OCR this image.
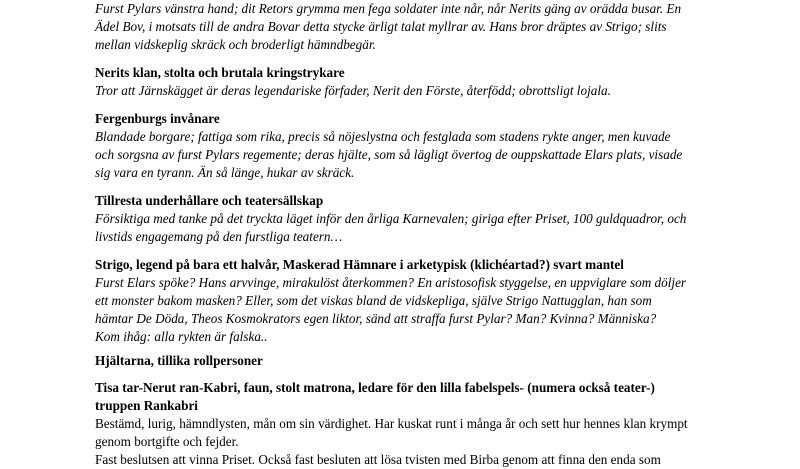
Furst Pylars vänstra hand; dit Retors grymma men fega soldater inte når, når Nerits gäng av orädda busar. En
Ädel Bov, i motsats till de andra Bovar detta stycke ärligt talat myllrar av. Hans bror dräptes av Strigo; slits
mellan vidskeplig skräck och broderligt hämndbegär.
Nerits klan, stolta och brutala kringstrykare
Tror att Järnskägget är deras legendariske förfader, Nerit den Förste, återfödd; obrottsligt lojala.
Fergenburgs invånare
Blandade borgare; fattiga som rika, precis så nöjeslystna och festglada som stadens rykte anger, men kuvade
och sorgsna av furst Pylars regemente; deras hjälte, som så lägligt övertog de ouppskattade Elars plats, visade
sig vara en tyrann. Än så länge, hukar av skräck.
Tillresta underhållare och teatersällskap
Försiktiga med tanke på det tryckta läget inför den årliga Karnevalen; giriga efter Priset, 100 guldquadror, och
livstids engagemang på den furstliga teatern…
Strigo, legend på bara ett halvår, Maskerad Hämnare i arketypisk (klichéartad?) svart mantel
Furst Elars spöke? Hans arvvinge, mirakulöst återkommen? En aristosofisk styggelse, en uppviglare som döljer
ett monster bakom masken? Eller, som det viskas bland de vidskepliga, själve Strigo Nattugglan, han som
hämtar De Döda, Theos Kosmokrators egen liktor, sänd att straffa furst Pylar? Man? Kvinna? Människa?
Kom ihåg: alla rykten är falska..
Hjältarna, tillika rollpersoner
Tisa tar-Nerut ran-Kabri, faun, stolt matrona, ledare för den lilla fabelspels- (numera också teater-)
truppen Rankabri
Bestämd, lurig, hämndlysten, mån om sin värdighet. Har kuskat runt i många år och sett hur hennes klan krympt
genom bortgifte och fejder.
Fast beslutsen att vinna Priset. Också fast besluten att lösa tvisten med Birba genom att finna den enda som
